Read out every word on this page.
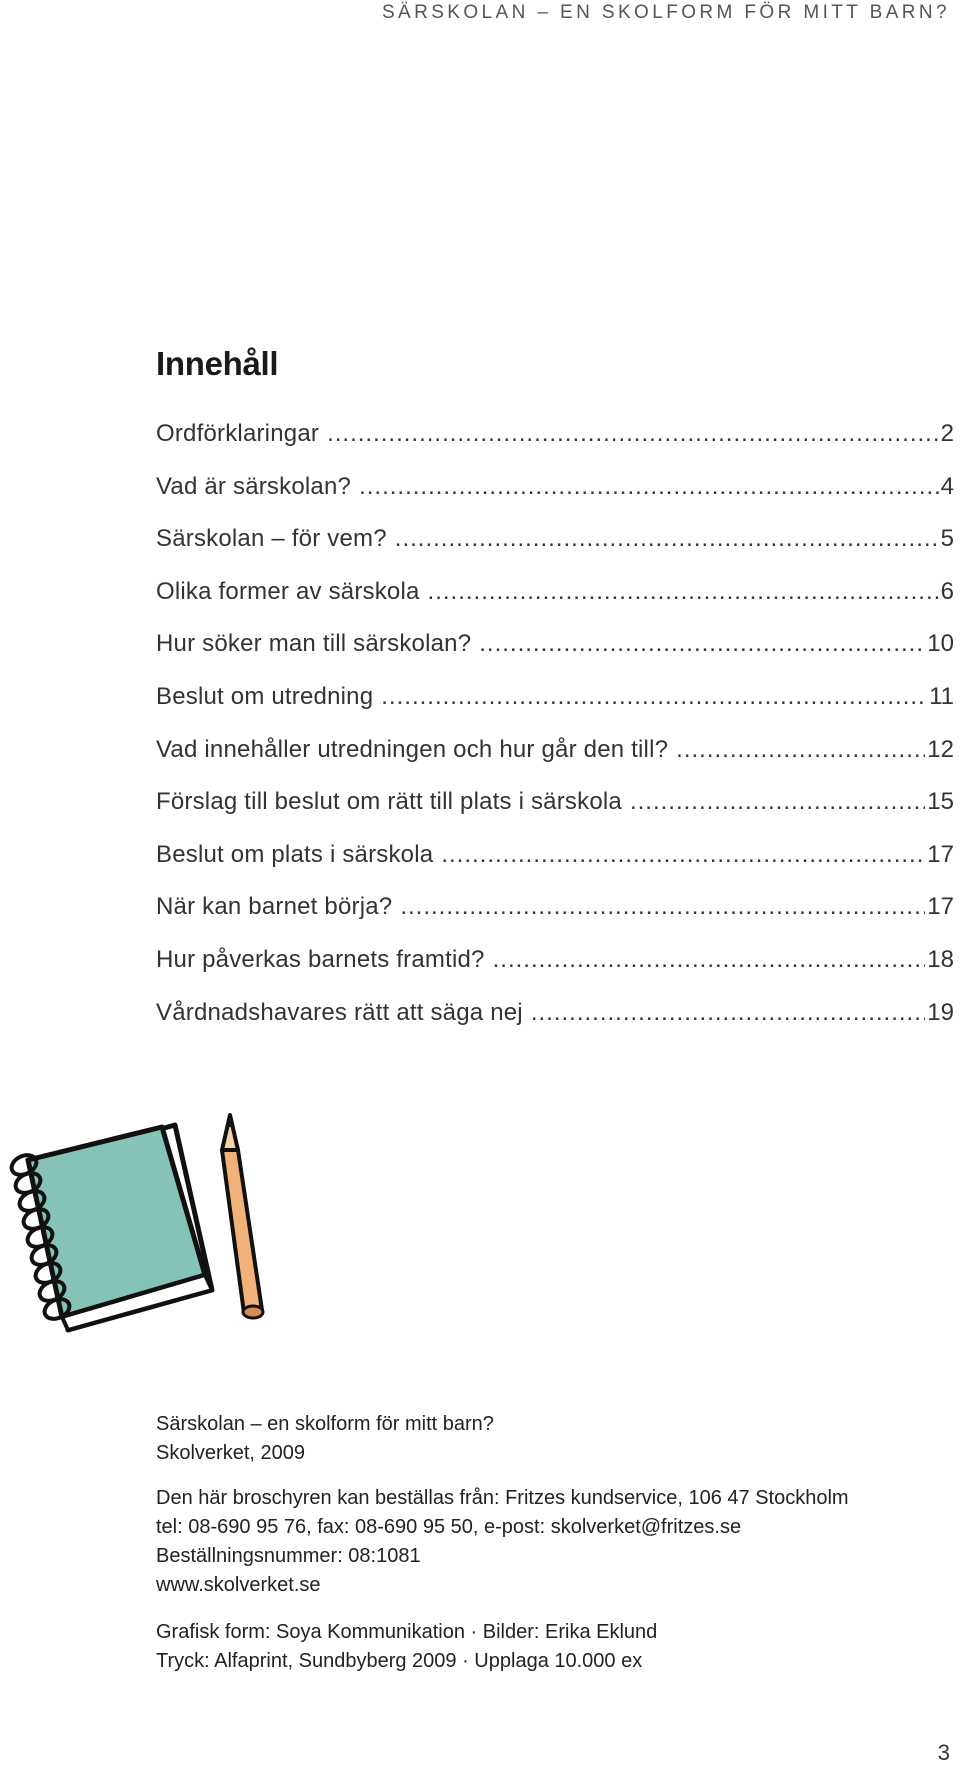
SÄRSKOLAN – EN SKOLFORM FÖR MITT BARN?
Innehåll
Ordförklaringar .....	2
Vad är särskolan? .....	4
Särskolan – för vem? .....	5
Olika former av särskola .....	6
Hur söker man till särskolan? .....	10
Beslut om utredning .....	11
Vad innehåller utredningen och hur går den till? .....	12
Förslag till beslut om rätt till plats i särskola .....	15
Beslut om plats i särskola .....	17
När kan barnet börja? .....	17
Hur påverkas barnets framtid? .....	18
Vårdnadshavares rätt att säga nej .....	19

Särskolan – en skolform för mitt barn?

Skolverket, 2009

Den här broschyren kan beställas från: Fritzes kundservice, 106 47 Stockholm

tel: 08-690 95 76, fax: 08-690 95 50, e-post: skolverket@fritzes.se

Beställningsnummer: 08:1081

www.skolverket.se

Grafisk form: Soya Kommunikation · Bilder: Erika Eklund

Tryck: Alfaprint, Sundbyberg 2009 · Upplaga 10.000 ex

3
